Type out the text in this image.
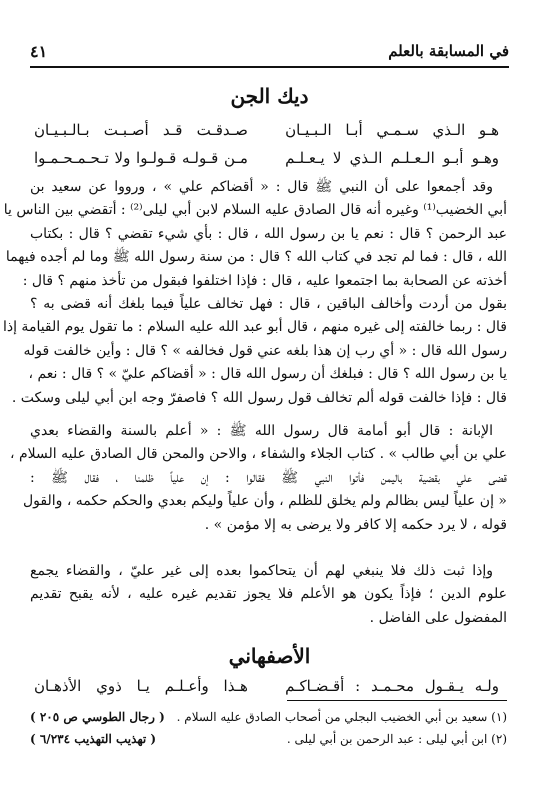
في المسابقة بالعلم
٤١
ديك الجن
هـو الـذي سـمـي أبـا الـبـيـان
صـدقـت قـد أصـبـت بـالـبـيـان
وهـو أبـو الـعـلـم الـذي لا يـعـلـم
مـن قـولـه قـولـوا ولا تـحـمـحـمـوا
وقد أجمعوا على أن النبي ﷺ قال : « أقضاكم علي » ، ورووا عن سعيد بن
أبي الخضيب⁽¹⁾ وغيره أنه قال الصادق عليه السلام لابن أبي ليلى⁽²⁾ : أتقضي بين الناس يا
عبد الرحمن ؟ قال : نعم يا بن رسول الله ، قال : بأي شيء تقضي ؟ قال : بكتاب
الله ، قال : فما لم تجد في كتاب الله ؟ قال : من سنة رسول الله ﷺ وما لم أجده فيهما
أخذته عن الصحابة بما اجتمعوا عليه ، قال : فإذا اختلفوا فبقول من تأخذ منهم ؟ قال :
بقول من أردت وأخالف الباقين ، قال : فهل تخالف علياً فيما بلغك أنه قضى به ؟
قال : ربما خالفته إلى غيره منهم ، قال أبو عبد الله عليه السلام : ما تقول يوم القيامة إذا
رسول الله قال : « أي رب إن هذا بلغه عني قول فخالفه » ؟ قال : وأين خالفت قوله
يا بن رسول الله ؟ قال : فبلغك أن رسول الله قال : « أقضاكم عليّ » ؟ قال : نعم ،
قال : فإذا خالفت قوله ألم تخالف قول رسول الله ؟ فاصفرّ وجه ابن أبي ليلى وسكت .
الإبانة : قال أبو أمامة قال رسول الله ﷺ : « أعلم بالسنة والقضاء بعدي
علي بن أبي طالب » . كتاب الجلاء والشفاء ، والاحن والمحن قال الصادق عليه السلام ،
قضى علي بقضية باليمن فأتوا النبي ﷺ فقالوا : إن علياً ظلمنا ، فقال ﷺ :
« إن علياً ليس بظالم ولم يخلق للظلم ، وأن علياً وليكم بعدي والحكم حكمه ، والقول
قوله ، لا يرد حكمه إلا كافر ولا يرضى به إلا مؤمن » .
وإذا ثبت ذلك فلا ينبغي لهم أن يتحاكموا بعده إلى غير عليّ ، والقضاء يجمع
علوم الدين ؛ فإذاً يكون هو الأعلم فلا يجوز تقديم غيره عليه ، لأنه يقبح تقديم
المفضول على الفاضل .
الأصفهاني
ولـه يـقـول محـمـد : أقـضـاكـم
هـذا وأعـلـم يـا ذوي الأذهـان
(١) سعيد بن أبي الخضيب البجلي من أصحاب الصادق عليه السلام .
( رجال الطوسي ص ٢٠٥ )
(٢) ابن أبي ليلى : عبد الرحمن بن أبي ليلى .
( تهذيب التهذيب ٦/٢٣٤ )
